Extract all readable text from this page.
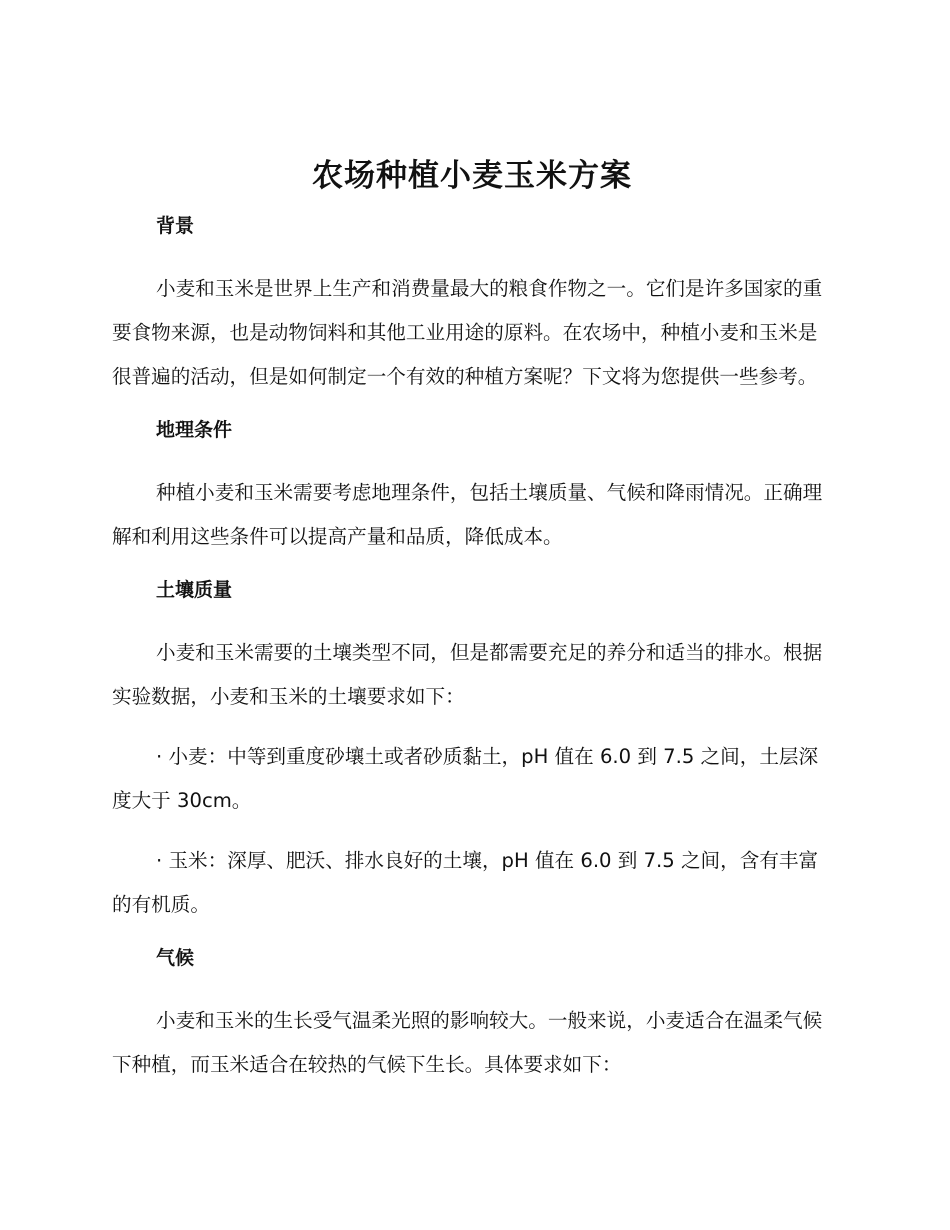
农场种植小麦玉米方案
背景

小麦和玉米是世界上生产和消费量最大的粮食作物之一。它们是许多国家的重要食物来源，也是动物饲料和其他工业用途的原料。在农场中，种植小麦和玉米是很普遍的活动，但是如何制定一个有效的种植方案呢？下文将为您提供一些参考。

地理条件

种植小麦和玉米需要考虑地理条件，包括土壤质量、气候和降雨情况。正确理解和利用这些条件可以提高产量和品质，降低成本。

土壤质量

小麦和玉米需要的土壤类型不同，但是都需要充足的养分和适当的排水。根据实验数据，小麦和玉米的土壤要求如下：

· 小麦：中等到重度砂壤土或者砂质黏土，pH 值在 6.0 到 7.5 之间，土层深度大于 30cm。

· 玉米：深厚、肥沃、排水良好的土壤，pH 值在 6.0 到 7.5 之间，含有丰富的有机质。

气候

小麦和玉米的生长受气温柔光照的影响较大。一般来说，小麦适合在温柔气候下种植，而玉米适合在较热的气候下生长。具体要求如下：
